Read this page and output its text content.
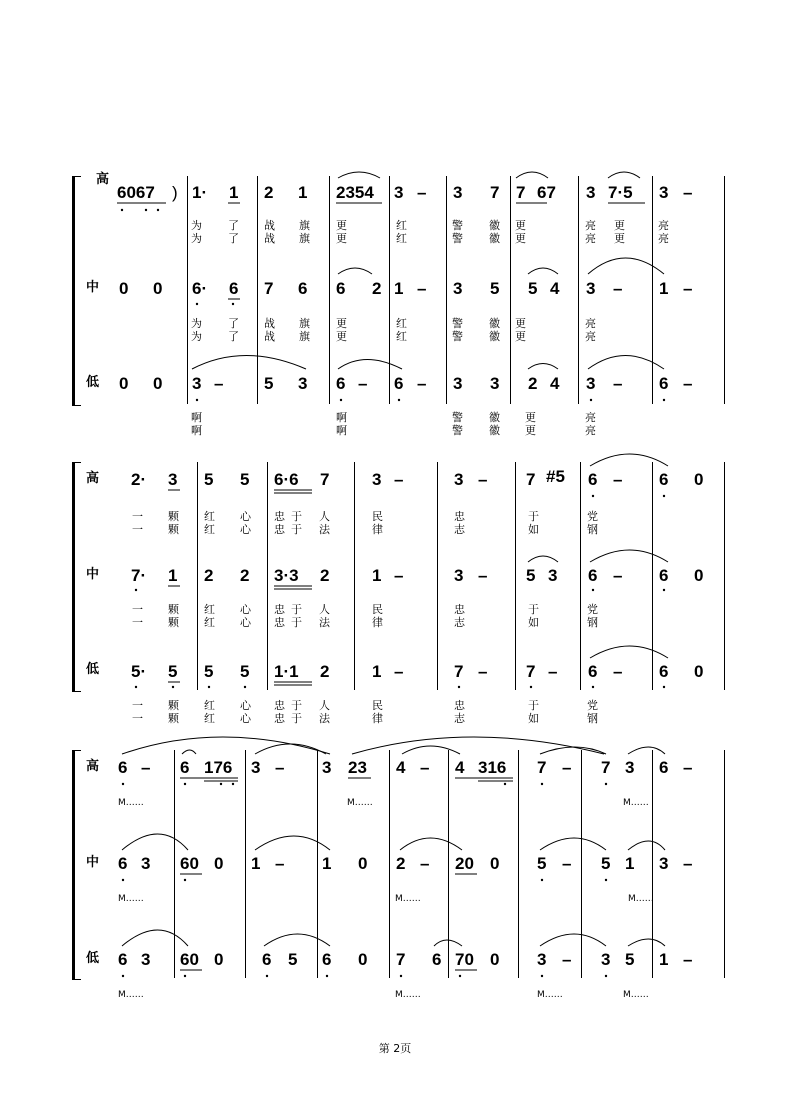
高
中
低
6067 ) 1· 1 2 1 2354 3 – 3 7 7 67 3 7·5 3 –
为 了 战 旗 更	红	警 徽 更	亮 更	亮
为 了 战 旗 更	红	警 徽 更	亮 更	亮
0 0 6· 6 7 6 6 2 1 – 3 5 5 4 3 – 1 –
为 了 战 旗 更	红	警 徽 更	亮
为 了 战 旗 更	红	警 徽 更	亮
0 0 3 – 5 3 6 – 6 – 3 3 2 4 3 – 6 –
啊	啊	警 徽 更	亮
啊	啊	警 徽 更	亮
高
中
低
2· 3 5 5 6·6 7	3 –	3 – 7 #5 6 – 6 0
一 颗 红 心 忠 于 人	民	忠	于	党
一 颗 红 心 忠 于 法	律	志	如	钢
7· 1 2 2 3·3 2	1 –	3 – 5 3 6 – 6 0
一 颗 红 心 忠 于 人	民	忠	于	党
一 颗 红 心 忠 于 法	律	志	如	钢
5· 5 5 5 1·1 2	1 –	7 – 7 – 6 – 6 0
一 颗 红 心 忠 于 人	民	忠	于	党
一 颗 红 心 忠 于 法	律	志	如	钢
高
中
低
6 – 6 176 3 – 3 23 4 – 4 316 7 – 7 3 6 –
M……	M……	M……
6 3 60 0 1 – 1 0 2 – 20 0 5 – 5 1 3 –
M……	M……	M……
6 3 60 0 6 5 6 0 7 6 70 0 3 – 3 5 1 –
M……	M……	M……	M……
第 2页
